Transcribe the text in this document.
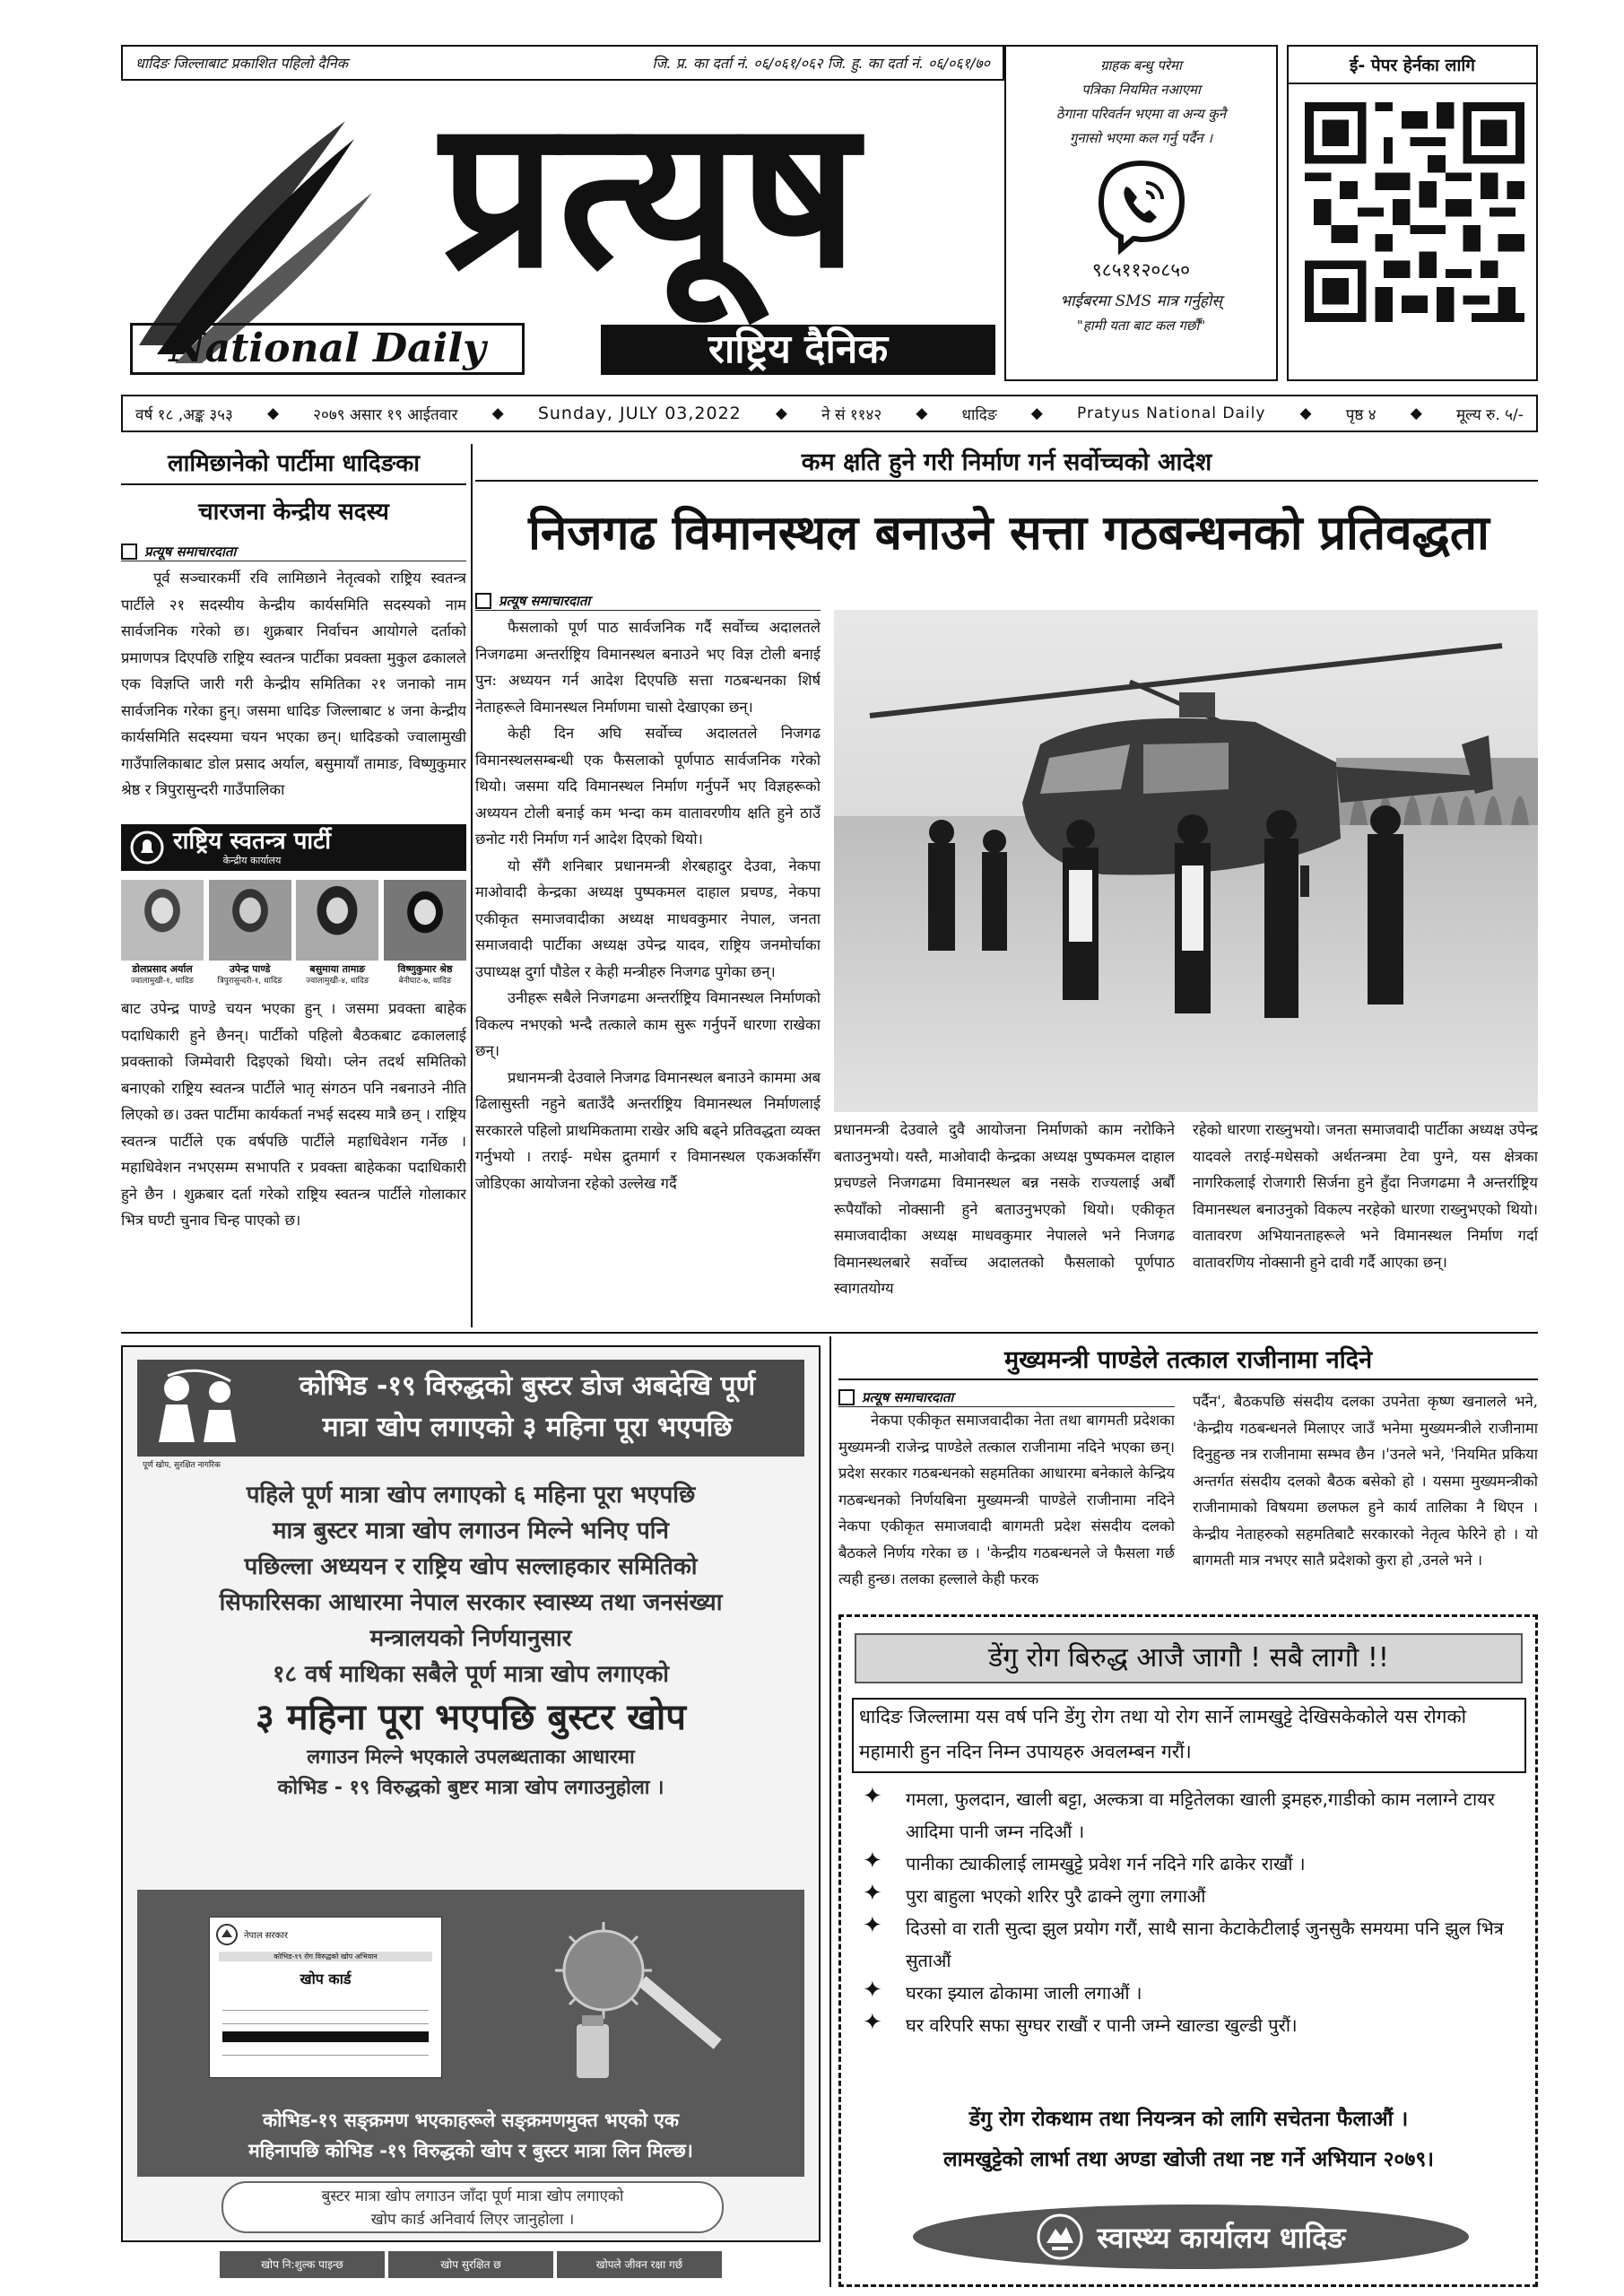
धादिङ जिल्लाबाट प्रकाशित पहिलो दैनिक	जि. प्र. का दर्ता नं. ०६/०६१/०६२ जि. हु. का दर्ता नं. ०६/०६१/७०
प्रत्यूष
National Daily	राष्ट्रिय दैनिक
ग्राहक बन्धु परेमा
पत्रिका नियमित नआएमा
ठेगाना परिवर्तन भएमा वा अन्य कुनै
गुनासो भएमा कल गर्नु पर्दैन ।
९८५११२०८५०
भाईबरमा SMS मात्र गर्नुहोस्
"हामी यता बाट कल गर्छौं"
ई- पेपर हेर्नका लागि
वर्ष १८ ,अङ्क ३५३ ◆ २०७९ असार १९ आईतवार ◆ Sunday, JULY 03,2022 ◆ ने सं ११४२ ◆ धादिङ ◆ Pratyus National Daily ◆ पृष्ठ ४ ◆ मूल्य रु. ५/-
लामिछानेको पार्टीमा धादिङका
चारजना केन्द्रीय सदस्य
प्रत्यूष समाचारदाता

पूर्व सञ्चारकर्मी रवि लामिछाने नेतृत्वको राष्ट्रिय स्वतन्त्र पार्टीले २१ सदस्यीय केन्द्रीय कार्यसमिति सदस्यको नाम सार्वजनिक गरेको छ। शुक्रबार निर्वाचन आयोगले दर्ताको प्रमाणपत्र दिएपछि राष्ट्रिय स्वतन्त्र पार्टीका प्रवक्ता मुकुल ढकालले एक विज्ञप्ति जारी गरी केन्द्रीय समितिका २१ जनाको नाम सार्वजनिक गरेका हुन्। जसमा धादिङ जिल्लाबाट ४ जना केन्द्रीय कार्यसमिति सदस्यमा चयन भएका छन्। धादिङको ज्वालामुखी गाउँपालिकाबाट डोल प्रसाद अर्याल, बसुमायाँ तामाङ, विष्णुकुमार श्रेष्ठ र त्रिपुरासुन्दरी गाउँपालिका

राष्ट्रिय स्वतन्त्र पार्टी
केन्द्रीय कार्यालय
डोलप्रसाद अर्याल
ज्वालामुखी-१, धादिङ
उपेन्द्र पाण्डे
त्रिपुरासुन्दरी-१, धादिङ
बसुमाया तामाङ
ज्वालामुखी-४, धादिङ
विष्णुकुमार श्रेष्ठ
बेनीघाट-७, धादिङ

बाट उपेन्द्र पाण्डे चयन भएका हुन् । जसमा प्रवक्ता बाहेक पदाधिकारी हुने छैनन्। पार्टीको पहिलो बैठकबाट ढकाललाई प्रवक्ताको जिम्मेवारी दिइएको थियो। प्लेन तदर्थ समितिको बनाएको राष्ट्रिय स्वतन्त्र पार्टीले भातृ संगठन पनि नबनाउने नीति लिएको छ। उक्त पार्टीमा कार्यकर्ता नभई सदस्य मात्रै छन् । राष्ट्रिय स्वतन्त्र पार्टीले एक वर्षपछि पार्टीले महाधिवेशन गर्नेछ । महाधिवेशन नभएसम्म सभापति र प्रवक्ता बाहेकका पदाधिकारी हुने छैन । शुक्रबार दर्ता गरेको राष्ट्रिय स्वतन्त्र पार्टीले गोलाकार भित्र घण्टी चुनाव चिन्ह पाएको छ।

कम क्षति हुने गरी निर्माण गर्न सर्वोच्चको आदेश
निजगढ विमानस्थल बनाउने सत्ता गठबन्धनको प्रतिवद्धता
प्रत्यूष समाचारदाता

फैसलाको पूर्ण पाठ सार्वजनिक गर्दै सर्वोच्च अदालतले निजगढमा अन्तर्राष्ट्रिय विमानस्थल बनाउने भए विज्ञ टोली बनाई पुन: अध्ययन गर्न आदेश दिएपछि सत्ता गठबन्धनका शिर्ष नेताहरूले विमानस्थल निर्माणमा चासो देखाएका छन्।

केही दिन अघि सर्वोच्च अदालतले निजगढ विमानस्थलसम्बन्धी एक फैसलाको पूर्णपाठ सार्वजनिक गरेको थियो। जसमा यदि विमानस्थल निर्माण गर्नुपर्ने भए विज्ञहरूको अध्ययन टोली बनाई कम भन्दा कम वातावरणीय क्षति हुने ठाउँ छनोट गरी निर्माण गर्न आदेश दिएको थियो।

यो सँगै शनिबार प्रधानमन्त्री शेरबहादुर देउवा, नेकपा माओवादी केन्द्रका अध्यक्ष पुष्पकमल दाहाल प्रचण्ड, नेकपा एकीकृत समाजवादीका अध्यक्ष माधवकुमार नेपाल, जनता समाजवादी पार्टीका अध्यक्ष उपेन्द्र यादव, राष्ट्रिय जनमोर्चाका उपाध्यक्ष दुर्गा पौडेल र केही मन्त्रीहरु निजगढ पुगेका छन्।

उनीहरू सबैले निजगढमा अन्तर्राष्ट्रिय विमानस्थल निर्माणको विकल्प नभएको भन्दै तत्काले काम सुरू गर्नुपर्ने धारणा राखेका छन्।

प्रधानमन्त्री देउवाले निजगढ विमानस्थल बनाउने काममा अब ढिलासुस्ती नहुने बताउँदै अन्तर्राष्ट्रिय विमानस्थल निर्माणलाई सरकारले पहिलो प्राथमिकतामा राखेर अघि बढ्ने प्रतिवद्धता व्यक्त गर्नुभयो । तराई- मधेस द्रुतमार्ग र विमानस्थल एकअर्कासँग जोडिएका आयोजना रहेको उल्लेख गर्दै

प्रधानमन्त्री देउवाले दुवै आयोजना निर्माणको काम नरोकिने बताउनुभयो। यस्तै, माओवादी केन्द्रका अध्यक्ष पुष्पकमल दाहाल प्रचण्डले निजगढमा विमानस्थल बन्न नसके राज्यलाई अर्बौं रूपैयाँको नोक्सानी हुने बताउनुभएको थियो। एकीकृत समाजवादीका अध्यक्ष माधवकुमार नेपालले भने निजगढ विमानस्थलबारे सर्वोच्च अदालतको फैसलाको पूर्णपाठ स्वागतयोग्य

रहेको धारणा राख्नुभयो। जनता समाजवादी पार्टीका अध्यक्ष उपेन्द्र यादवले तराई-मधेसको अर्थतन्त्रमा टेवा पुग्ने, यस क्षेत्रका नागरिकलाई रोजगारी सिर्जना हुने हुँदा निजगढमा नै अन्तर्राष्ट्रिय विमानस्थल बनाउनुको विकल्प नरहेको धारणा राख्नुभएको थियो। वातावरण अभियानताहरूले भने विमानस्थल निर्माण गर्दा वातावरणिय नोक्सानी हुने दावी गर्दै आएका छन्।

कोभिड -१९ विरुद्धको बुस्टर डोज अबदेखि पूर्ण
मात्रा खोप लगाएको ३ महिना पूरा भएपछि
पूर्ण खोप, सुरक्षित नागरिक
पहिले पूर्ण मात्रा खोप लगाएको ६ महिना पूरा भएपछि
मात्र बुस्टर मात्रा खोप लगाउन मिल्ने भनिए पनि
पछिल्ला अध्ययन र राष्ट्रिय खोप सल्लाहकार समितिको
सिफारिसका आधारमा नेपाल सरकार स्वास्थ्य तथा जनसंख्या
मन्त्रालयको निर्णयानुसार
१८ वर्ष माथिका सबैले पूर्ण मात्रा खोप लगाएको
३ महिना पूरा भएपछि बुस्टर खोप
लगाउन मिल्ने भएकाले उपलब्धताका आधारमा
कोभिड - १९ विरुद्धको बुष्टर मात्रा खोप लगाउनुहोला ।
नेपाल सरकार
कोभिड-१९ रोग विरुद्धको खोप अभियान
खोप कार्ड
कोभिड-१९ सङ्क्रमण भएकाहरूले सङ्क्रमणमुक्त भएको एक
महिनापछि कोभिड -१९ विरुद्धको खोप र बुस्टर मात्रा लिन मिल्छ।
बुस्टर मात्रा खोप लगाउन जाँदा पूर्ण मात्रा खोप लगाएको
खोप कार्ड अनिवार्य लिएर जानुहोला ।
खोप नि:शुल्क पाइन्छ	खोप सुरक्षित छ	खोपले जीवन रक्षा गर्छ
मुख्यमन्त्री पाण्डेले तत्काल राजीनामा नदिने
प्रत्यूष समाचारदाता

नेकपा एकीकृत समाजवादीका नेता तथा बागमती प्रदेशका मुख्यमन्त्री राजेन्द्र पाण्डेले तत्काल राजीनामा नदिने भएका छन्।प्रदेश सरकार गठबन्धनको सहमतिका आधारमा बनेकाले केन्द्रिय गठबन्धनको निर्णयबिना मुख्यमन्त्री पाण्डेले राजीनामा नदिने नेकपा एकीकृत समाजवादी बागमती प्रदेश संसदीय दलको बैठकले निर्णय गरेका छ । 'केन्द्रीय गठबन्धनले जे फैसला गर्छ त्यही हुन्छ। तलका हल्लाले केही फरक

पर्दैन', बैठकपछि संसदीय दलका उपनेता कृष्ण खनालले भने, 'केन्द्रीय गठबन्धनले मिलाएर जाउँ भनेमा मुख्यमन्त्रीले राजीनामा दिनुहुन्छ नत्र राजीनामा सम्भव छैन ।'उनले भने, 'नियमित प्रकिया अन्तर्गत संसदीय दलको बैठक बसेको हो । यसमा मुख्यमन्त्रीको राजीनामाको विषयमा छलफल हुने कार्य तालिका नै थिएन । केन्द्रीय नेताहरुको सहमतिबाटै सरकारको नेतृत्व फेरिने हो । यो बागमती मात्र नभएर सातै प्रदेशको कुरा हो ,उनले भने ।

डेंगु रोग बिरुद्ध आजै जागौ ! सबै लागौ !!
धादिङ जिल्लामा यस वर्ष पनि डेंगु रोग तथा यो रोग सार्ने लामखुट्टे देखिसकेकोले यस रोगको महामारी हुन नदिन निम्न उपायहरु अवलम्बन गरौं।
✦ गमला, फुलदान, खाली बट्टा, अल्कत्रा वा मट्टितेलका खाली ड्रमहरु,गाडीको काम नलाग्ने टायर आदिमा पानी जम्न नदिऔं ।
✦ पानीका ट्याकीलाई लामखुट्टे प्रवेश गर्न नदिने गरि ढाकेर राखौं ।
✦ पुरा बाहुला भएको शरिर पुरै ढाक्ने लुगा लगाऔं
✦ दिउसो वा राती सुत्दा झुल प्रयोग गरौं, साथै साना केटाकेटीलाई जुनसुकै समयमा पनि झुल भित्र सुताऔं
✦ घरका झ्याल ढोकामा जाली लगाऔं ।
✦ घर वरिपरि सफा सुग्घर राखौं र पानी जम्ने खाल्डा खुल्डी पुरौं।
डेंगु रोग रोकथाम तथा नियन्त्रन को लागि सचेतना फैलाऔं ।
लामखुट्टेको लार्भा तथा अण्डा खोजी तथा नष्ट गर्ने अभियान २०७९।
स्वास्थ्य कार्यालय धादिङ
